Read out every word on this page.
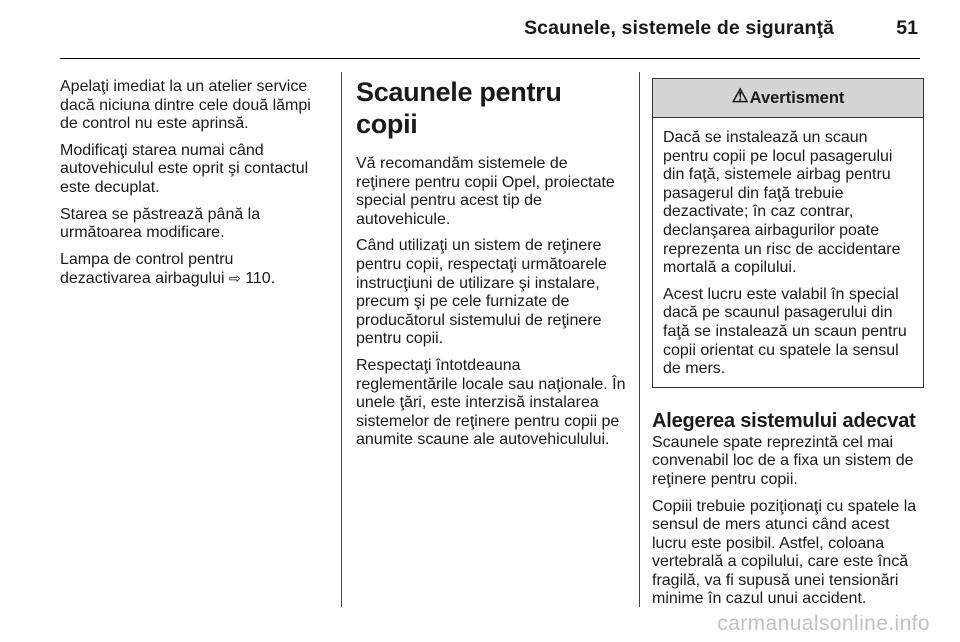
Scaunele, sistemele de siguranţă	51

Apelaţi imediat la un atelier service dacă niciuna dintre cele două lămpi de control nu este aprinsă.

Modificaţi starea numai când autovehiculul este oprit şi contactul este decuplat.

Starea se păstrează până la următoarea modificare.

Lampa de control pentru dezactivarea airbagului ⇨ 110.

Scaunele pentru copii

Vă recomandăm sistemele de reţinere pentru copii Opel, proiectate special pentru acest tip de autovehicule.

Când utilizaţi un sistem de reţinere pentru copii, respectaţi următoarele instrucţiuni de utilizare şi instalare, precum şi pe cele furnizate de producătorul sistemului de reţinere pentru copii.

Respectaţi întotdeauna reglementările locale sau naţionale. În unele ţări, este interzisă instalarea sistemelor de reţinere pentru copii pe anumite scaune ale autovehiculului.

⚠ Avertisment

Dacă se instalează un scaun pentru copii pe locul pasagerului din faţă, sistemele airbag pentru pasagerul din faţă trebuie dezactivate; în caz contrar, declanşarea airbagurilor poate reprezenta un risc de accidentare mortală a copilului.

Acest lucru este valabil în special dacă pe scaunul pasagerului din faţă se instalează un scaun pentru copii orientat cu spatele la sensul de mers.

Alegerea sistemului adecvat

Scaunele spate reprezintă cel mai convenabil loc de a fixa un sistem de reţinere pentru copii.

Copiii trebuie poziţionaţi cu spatele la sensul de mers atunci când acest lucru este posibil. Astfel, coloana vertebrală a copilului, care este încă fragilă, va fi supusă unei tensionări minime în cazul unui accident.

carmanualsonline.info
